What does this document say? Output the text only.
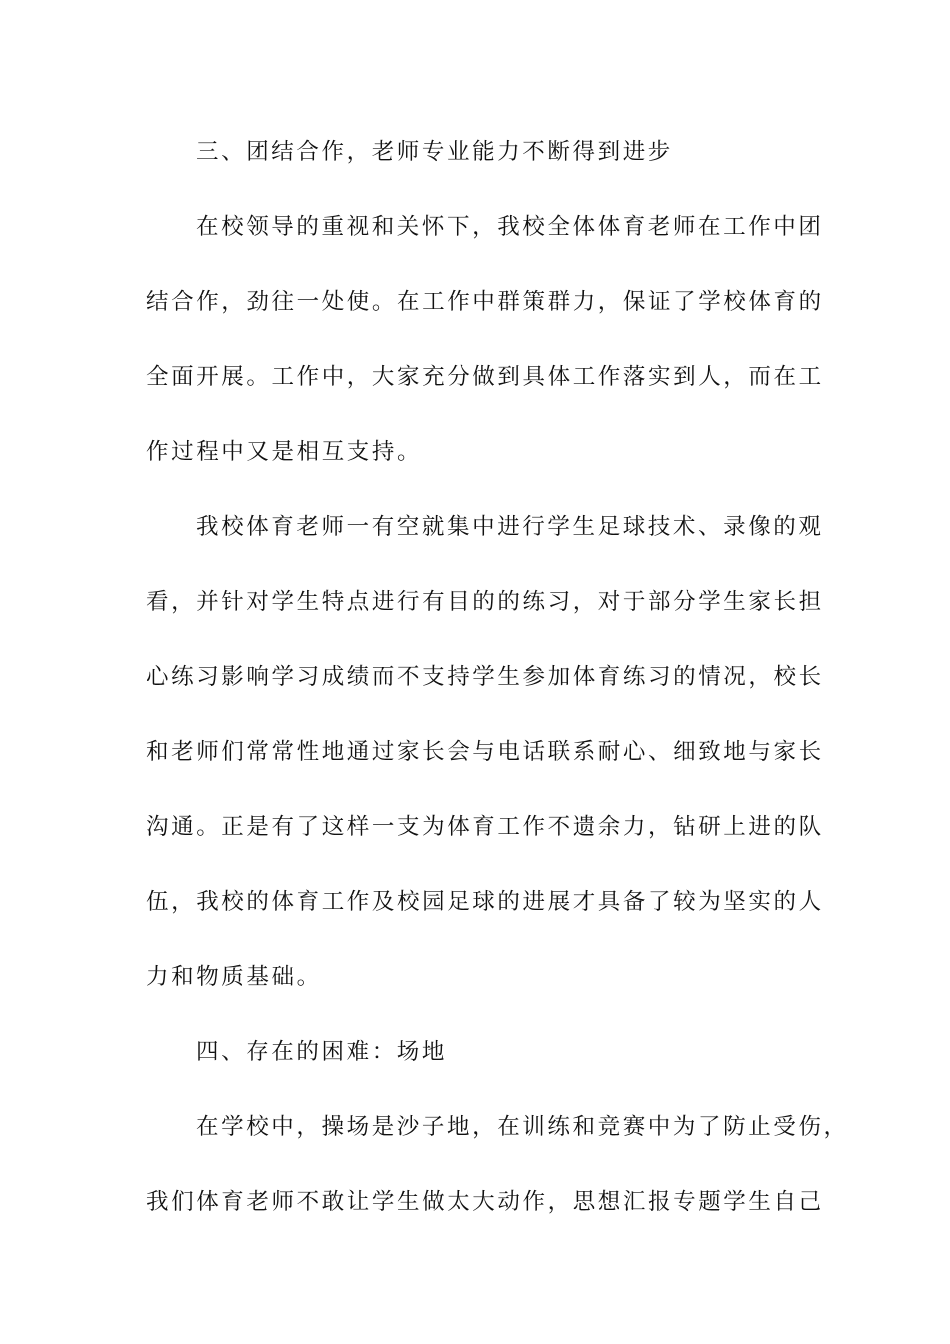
三、团结合作，老师专业能力不断得到进步
在校领导的重视和关怀下，我校全体体育老师在工作中团
结合作，劲往一处使。在工作中群策群力，保证了学校体育的
全面开展。工作中，大家充分做到具体工作落实到人，而在工
作过程中又是相互支持。
我校体育老师一有空就集中进行学生足球技术、录像的观
看，并针对学生特点进行有目的的练习，对于部分学生家长担
心练习影响学习成绩而不支持学生参加体育练习的情况，校长
和老师们常常性地通过家长会与电话联系耐心、细致地与家长
沟通。正是有了这样一支为体育工作不遗余力，钻研上进的队
伍，我校的体育工作及校园足球的进展才具备了较为坚实的人
力和物质基础。
四、存在的困难：场地
在学校中，操场是沙子地，在训练和竞赛中为了防止受伤，
我们体育老师不敢让学生做太大动作，思想汇报专题学生自己
